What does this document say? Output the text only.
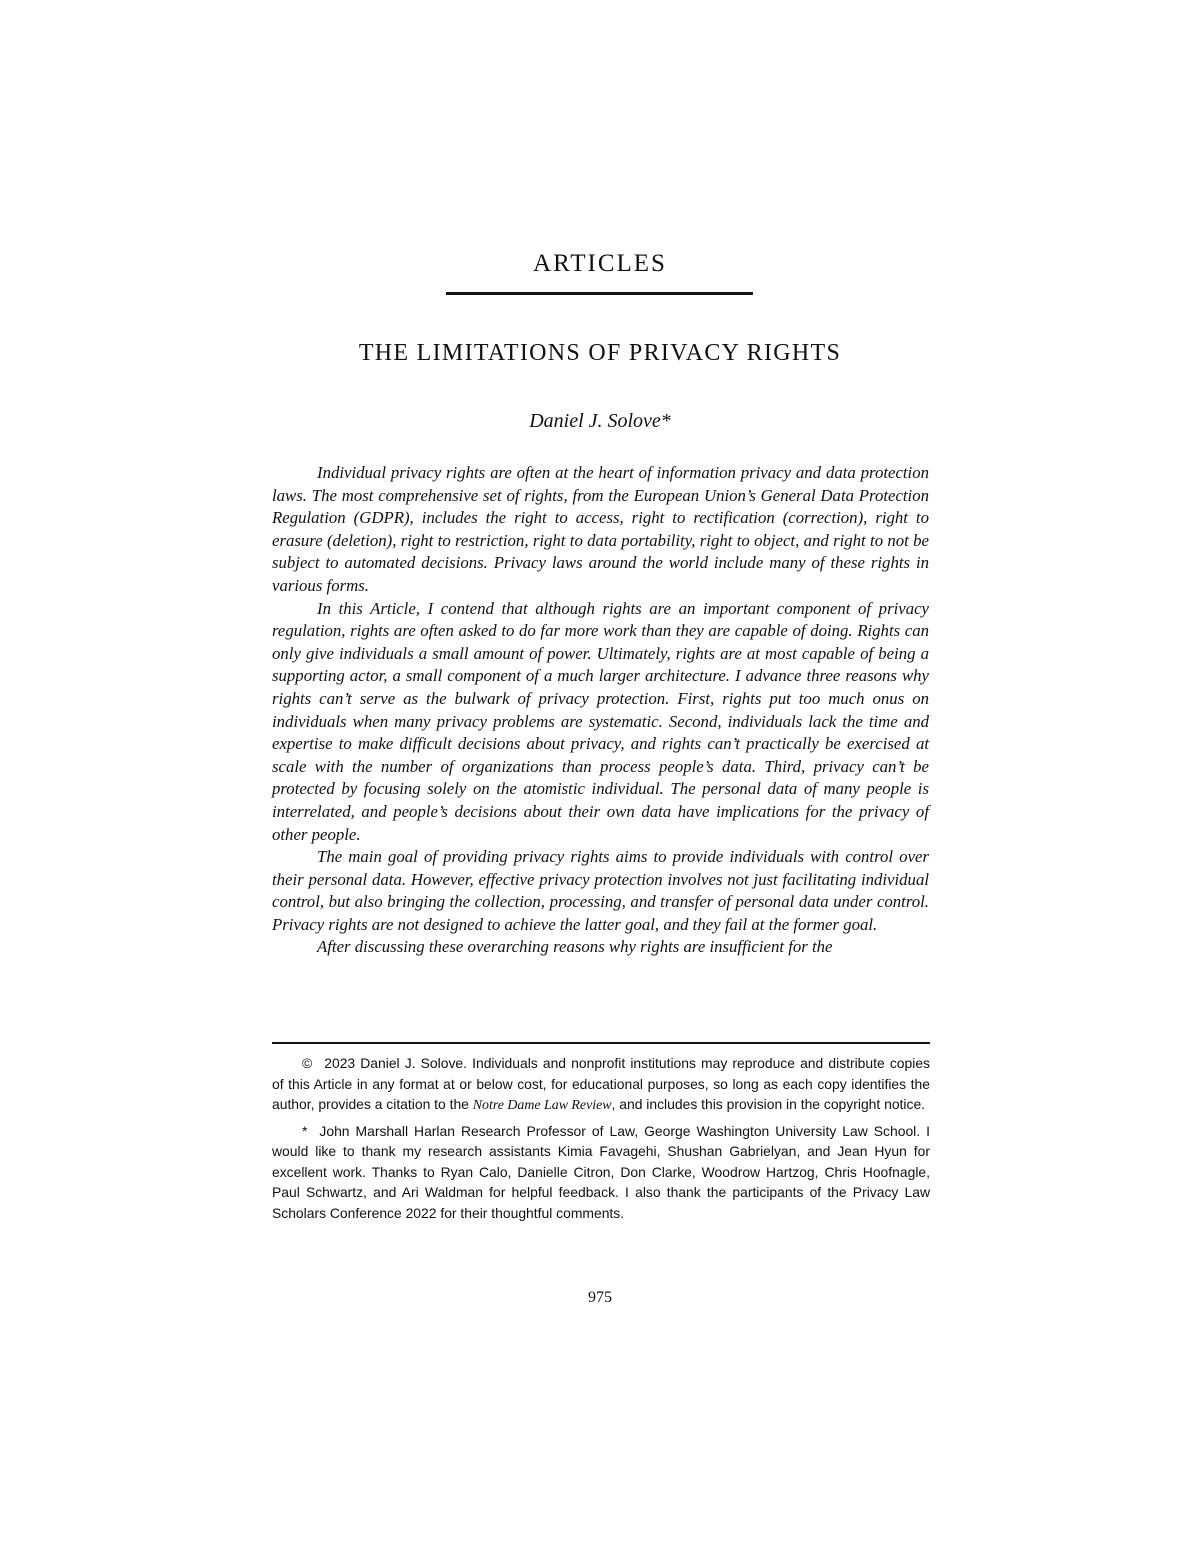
ARTICLES
THE LIMITATIONS OF PRIVACY RIGHTS
Daniel J. Solove*

Individual privacy rights are often at the heart of information privacy and data protection laws. The most comprehensive set of rights, from the European Union’s General Data Protection Regulation (GDPR), includes the right to access, right to rectification (correction), right to erasure (deletion), right to restriction, right to data portability, right to object, and right to not be subject to automated decisions. Privacy laws around the world include many of these rights in various forms.

In this Article, I contend that although rights are an important component of privacy regulation, rights are often asked to do far more work than they are capable of doing. Rights can only give individuals a small amount of power. Ultimately, rights are at most capable of being a supporting actor, a small component of a much larger architecture. I advance three reasons why rights can’t serve as the bulwark of privacy protection. First, rights put too much onus on individuals when many privacy problems are systematic. Second, individuals lack the time and expertise to make difficult decisions about privacy, and rights can’t practically be exercised at scale with the number of organizations than process people’s data. Third, privacy can’t be protected by focusing solely on the atomistic individual. The personal data of many people is interrelated, and people’s decisions about their own data have implications for the privacy of other people.

The main goal of providing privacy rights aims to provide individuals with control over their personal data. However, effective privacy protection involves not just facilitating individual control, but also bringing the collection, processing, and transfer of personal data under control. Privacy rights are not designed to achieve the latter goal, and they fail at the former goal.

After discussing these overarching reasons why rights are insufficient for the

© 2023 Daniel J. Solove. Individuals and nonprofit institutions may reproduce and distribute copies of this Article in any format at or below cost, for educational purposes, so long as each copy identifies the author, provides a citation to the Notre Dame Law Review, and includes this provision in the copyright notice.

* John Marshall Harlan Research Professor of Law, George Washington University Law School. I would like to thank my research assistants Kimia Favagehi, Shushan Gabrielyan, and Jean Hyun for excellent work. Thanks to Ryan Calo, Danielle Citron, Don Clarke, Woodrow Hartzog, Chris Hoofnagle, Paul Schwartz, and Ari Waldman for helpful feedback. I also thank the participants of the Privacy Law Scholars Conference 2022 for their thoughtful comments.

975
